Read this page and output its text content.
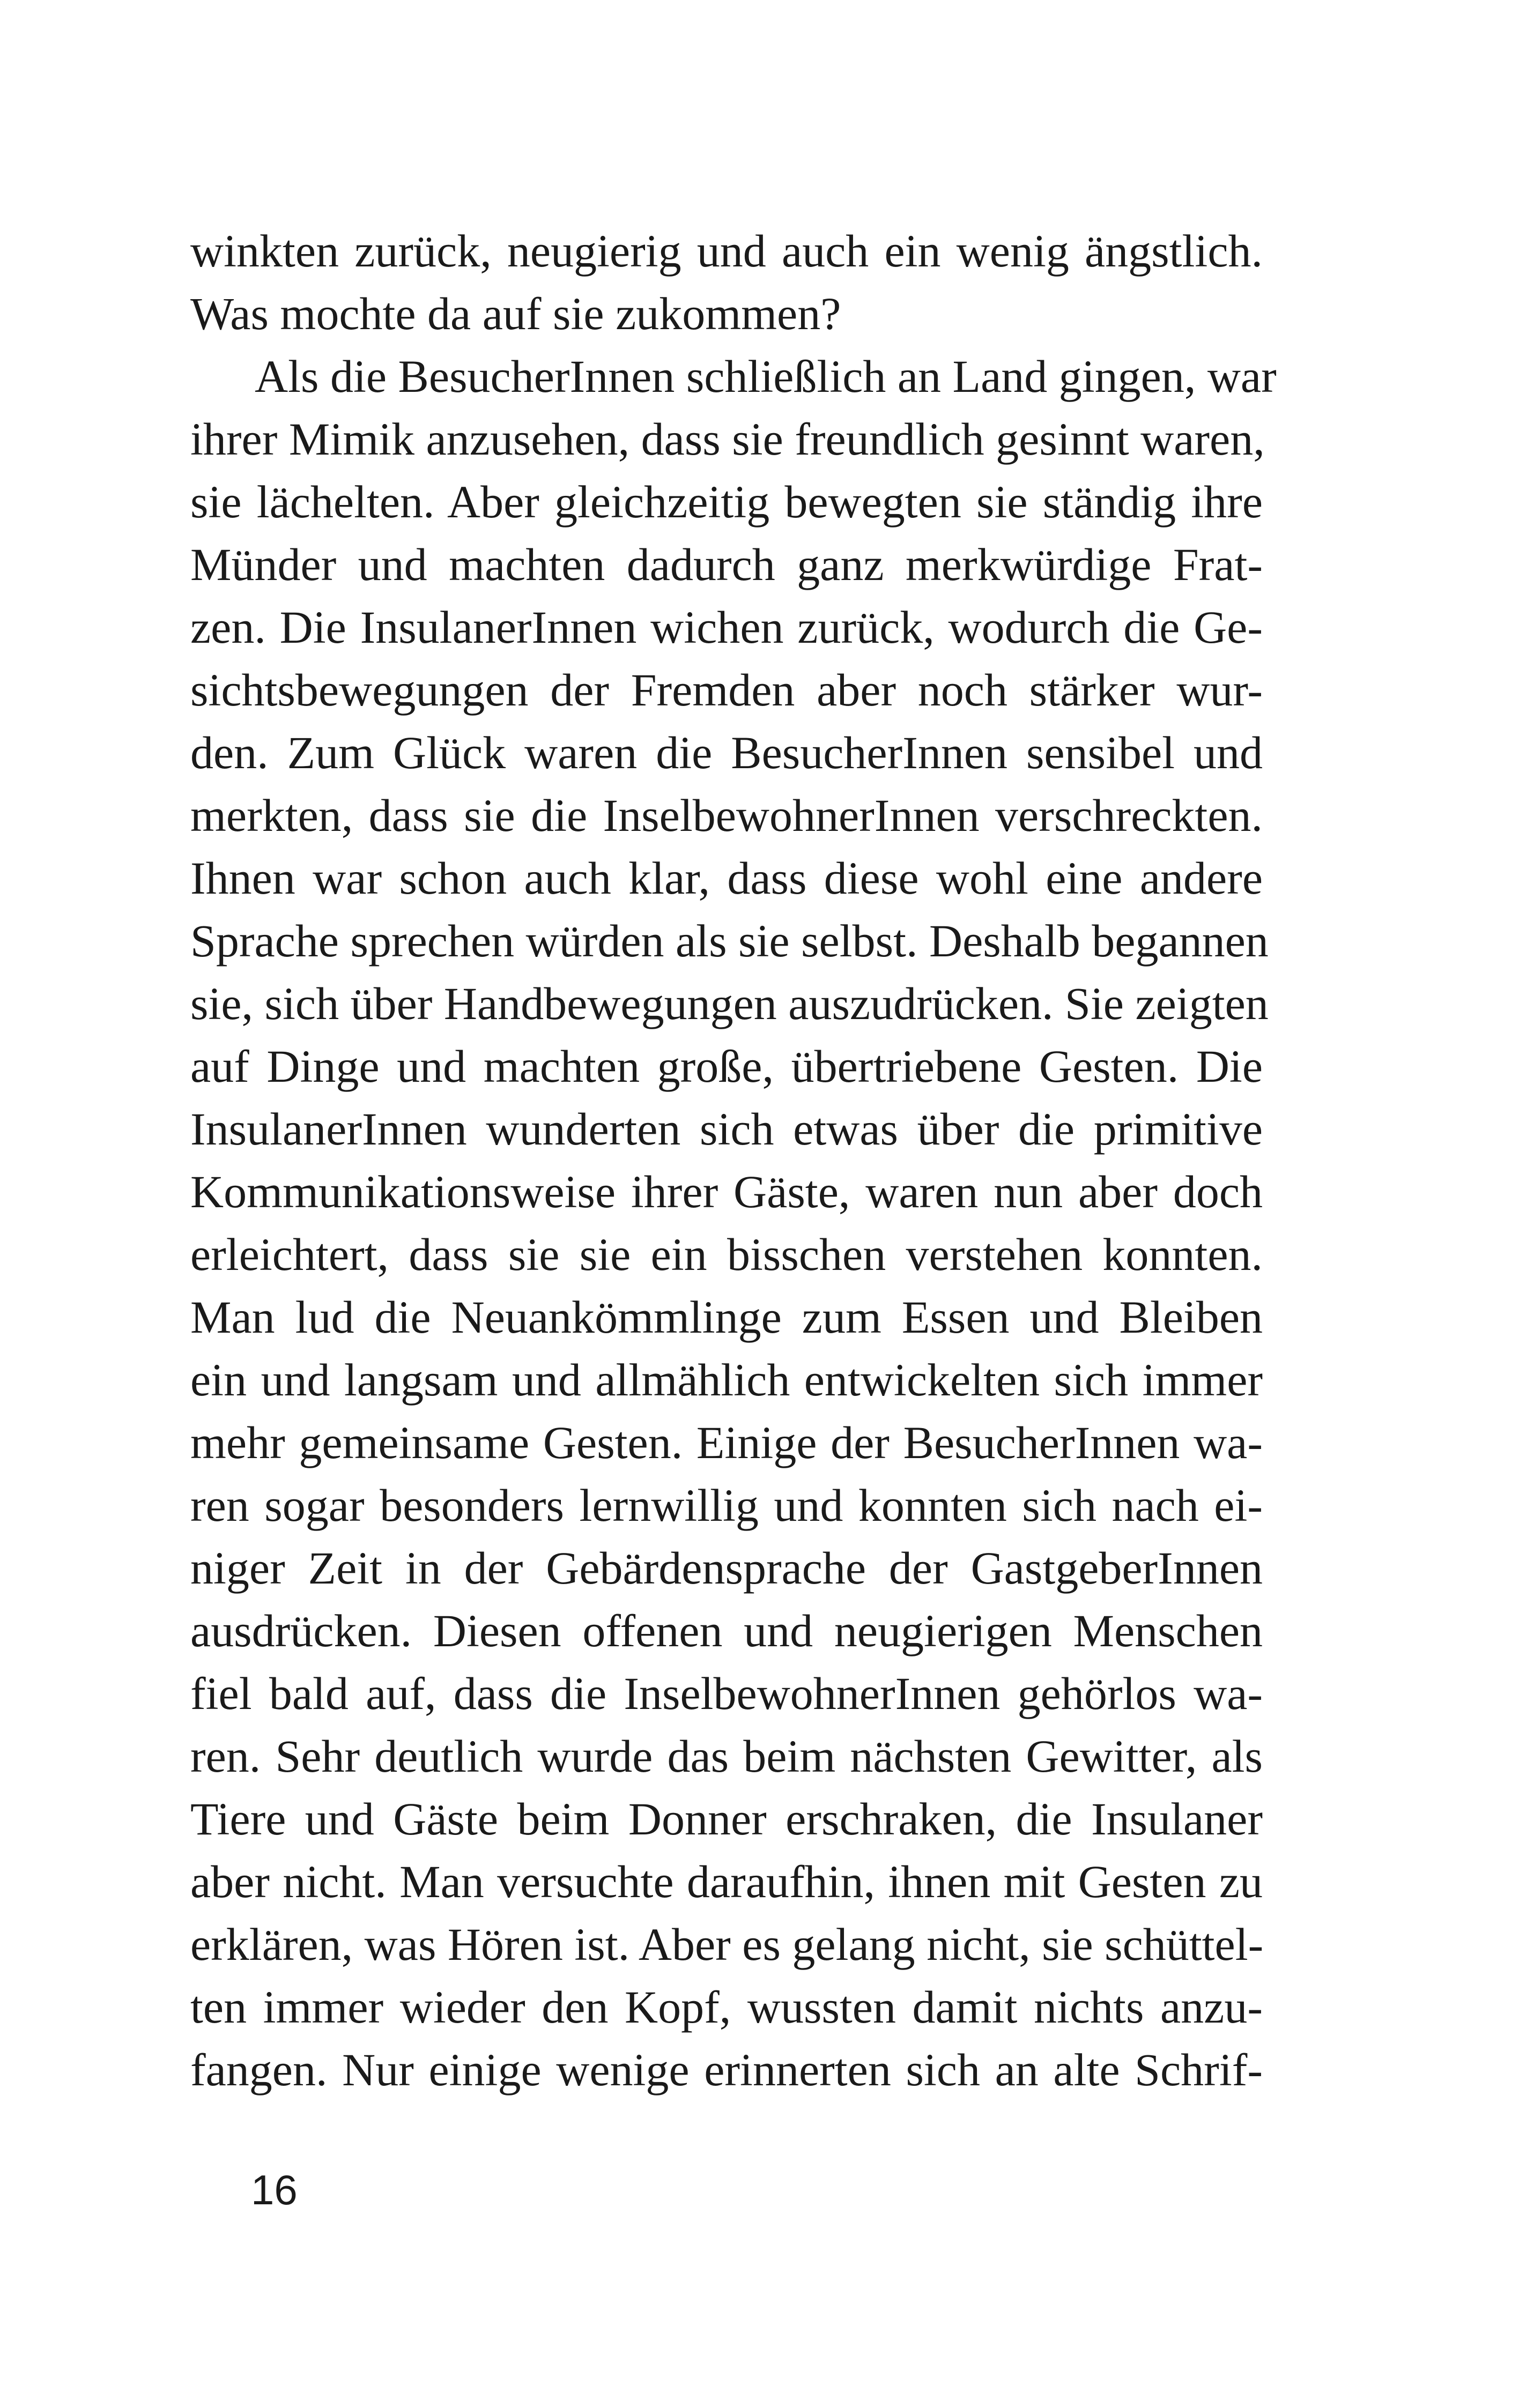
winkten zurück, neugierig und auch ein wenig ängstlich.
Was mochte da auf sie zukommen?
Als die BesucherInnen schließlich an Land gingen, war
ihrer Mimik anzusehen, dass sie freundlich gesinnt waren,
sie lächelten. Aber gleichzeitig bewegten sie ständig ihre
Münder und machten dadurch ganz merkwürdige Frat-
zen. Die InsulanerInnen wichen zurück, wodurch die Ge-
sichtsbewegungen der Fremden aber noch stärker wur-
den. Zum Glück waren die BesucherInnen sensibel und
merkten, dass sie die InselbewohnerInnen verschreckten.
Ihnen war schon auch klar, dass diese wohl eine andere
Sprache sprechen würden als sie selbst. Deshalb begannen
sie, sich über Handbewegungen auszudrücken. Sie zeigten
auf Dinge und machten große, übertriebene Gesten. Die
InsulanerInnen wunderten sich etwas über die primitive
Kommunikationsweise ihrer Gäste, waren nun aber doch
erleichtert, dass sie sie ein bisschen verstehen konnten.
Man lud die Neuankömmlinge zum Essen und Bleiben
ein und langsam und allmählich entwickelten sich immer
mehr gemeinsame Gesten. Einige der BesucherInnen wa-
ren sogar besonders lernwillig und konnten sich nach ei-
niger Zeit in der Gebärdensprache der GastgeberInnen
ausdrücken. Diesen offenen und neugierigen Menschen
fiel bald auf, dass die InselbewohnerInnen gehörlos wa-
ren. Sehr deutlich wurde das beim nächsten Gewitter, als
Tiere und Gäste beim Donner erschraken, die Insulaner
aber nicht. Man versuchte daraufhin, ihnen mit Gesten zu
erklären, was Hören ist. Aber es gelang nicht, sie schüttel-
ten immer wieder den Kopf, wussten damit nichts anzu-
fangen. Nur einige wenige erinnerten sich an alte Schrif-
16
